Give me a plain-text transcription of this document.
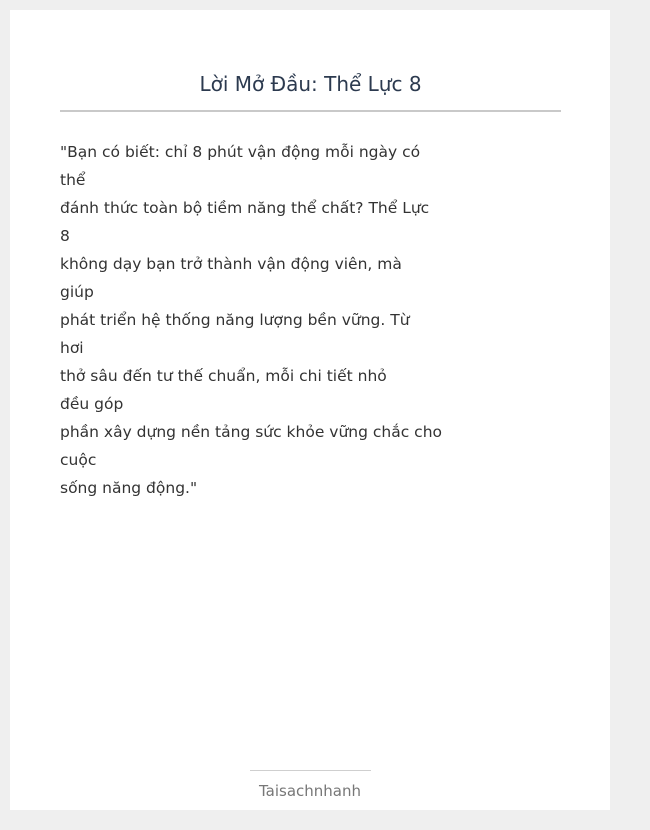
Lời Mở Đầu: Thể Lực 8
"Bạn có biết: chỉ 8 phút vận động mỗi ngày có
thể
đánh thức toàn bộ tiềm năng thể chất? Thể Lực
8
không dạy bạn trở thành vận động viên, mà
giúp
phát triển hệ thống năng lượng bền vững. Từ
hơi
thở sâu đến tư thế chuẩn, mỗi chi tiết nhỏ
đều góp
phần xây dựng nền tảng sức khỏe vững chắc cho
cuộc
sống năng động."
Taisachnhanh
